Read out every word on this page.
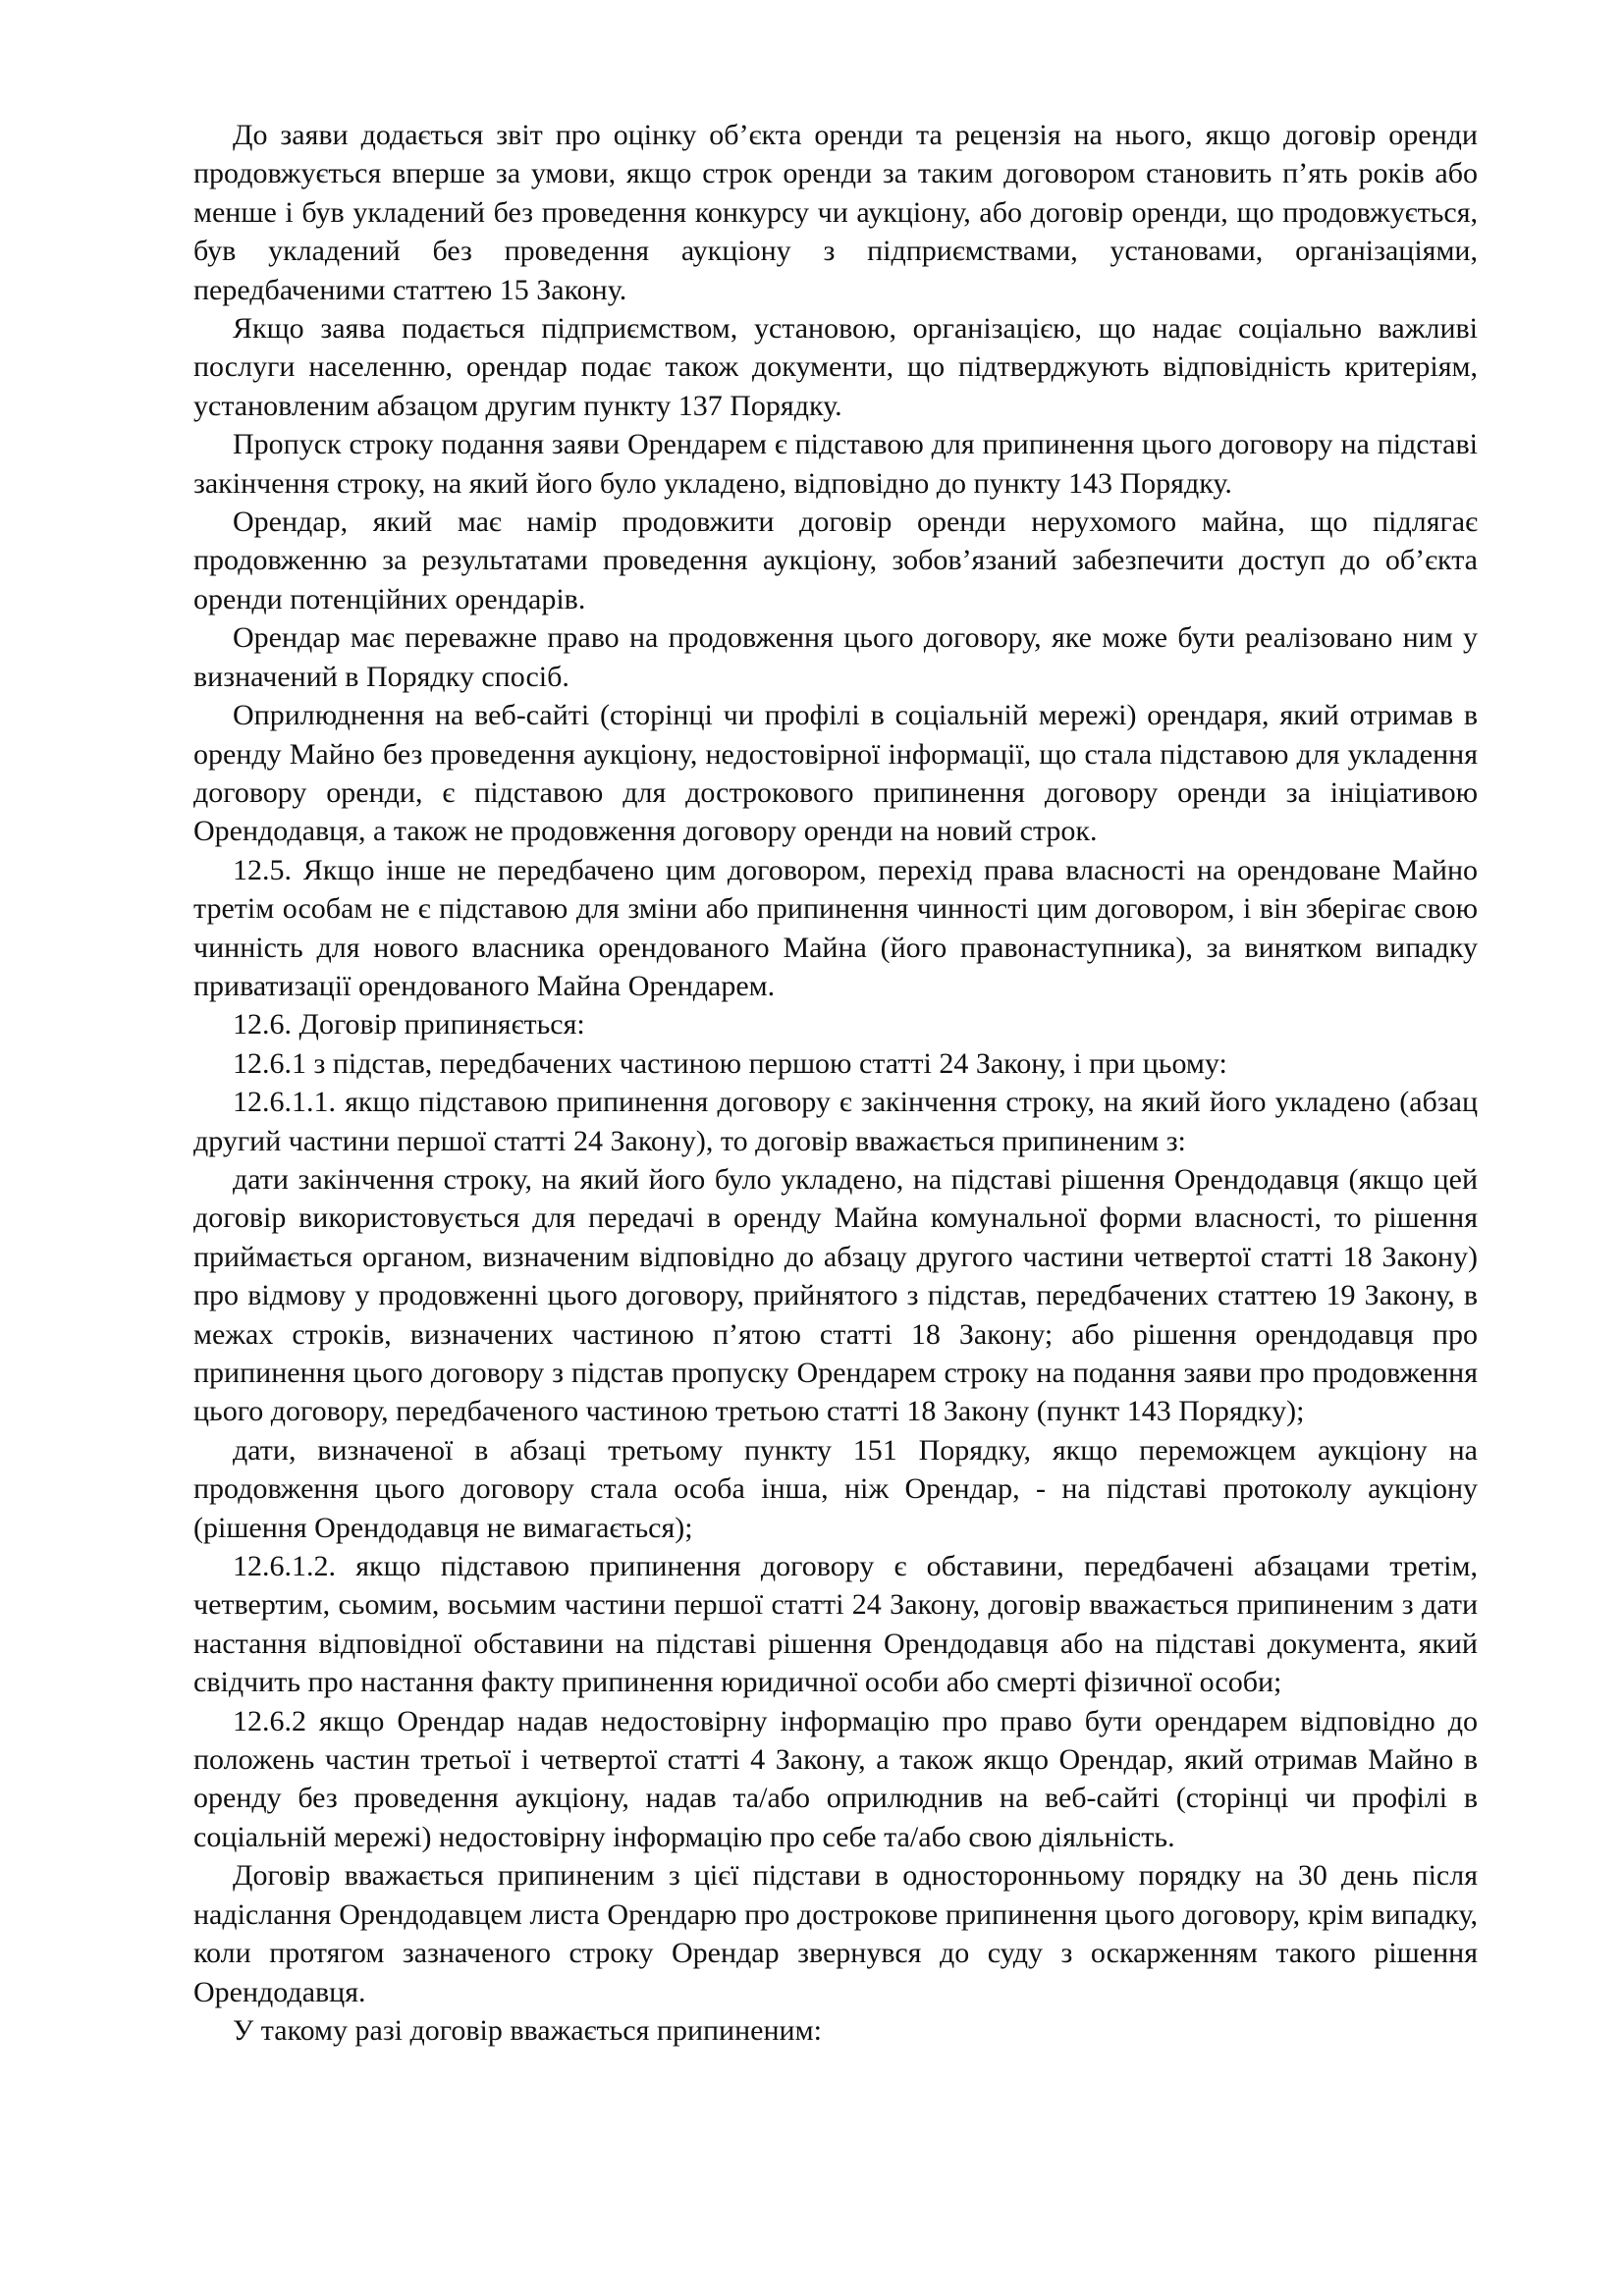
До заяви додається звіт про оцінку об’єкта оренди та рецензія на нього, якщо договір оренди продовжується вперше за умови, якщо строк оренди за таким договором становить п’ять років або менше і був укладений без проведення конкурсу чи аукціону, або договір оренди, що продовжується, був укладений без проведення аукціону з підприємствами, установами, організаціями, передбаченими статтею 15 Закону.

Якщо заява подається підприємством, установою, організацією, що надає соціально важливі послуги населенню, орендар подає також документи, що підтверджують відповідність критеріям, установленим абзацом другим пункту 137 Порядку.

Пропуск строку подання заяви Орендарем є підставою для припинення цього договору на підставі закінчення строку, на який його було укладено, відповідно до пункту 143 Порядку.

Орендар, який має намір продовжити договір оренди нерухомого майна, що підлягає продовженню за результатами проведення аукціону, зобов’язаний забезпечити доступ до об’єкта оренди потенційних орендарів.

Орендар має переважне право на продовження цього договору, яке може бути реалізовано ним у визначений в Порядку спосіб.

Оприлюднення на веб-сайті (сторінці чи профілі в соціальній мережі) орендаря, який отримав в оренду Майно без проведення аукціону, недостовірної інформації, що стала підставою для укладення договору оренди, є підставою для дострокового припинення договору оренди за ініціативою Орендодавця, а також не продовження договору оренди на новий строк.

12.5. Якщо інше не передбачено цим договором, перехід права власності на орендоване Майно третім особам не є підставою для зміни або припинення чинності цим договором, і він зберігає свою чинність для нового власника орендованого Майна (його правонаступника), за винятком випадку приватизації орендованого Майна Орендарем.

12.6. Договір припиняється:

12.6.1 з підстав, передбачених частиною першою статті 24 Закону, і при цьому:

12.6.1.1. якщо підставою припинення договору є закінчення строку, на який його укладено (абзац другий частини першої статті 24 Закону), то договір вважається припиненим з:

дати закінчення строку, на який його було укладено, на підставі рішення Орендодавця (якщо цей договір використовується для передачі в оренду Майна комунальної форми власності, то рішення приймається органом, визначеним відповідно до абзацу другого частини четвертої статті 18 Закону) про відмову у продовженні цього договору, прийнятого з підстав, передбачених статтею 19 Закону, в межах строків, визначених частиною п’ятою статті 18 Закону; або рішення орендодавця про припинення цього договору з підстав пропуску Орендарем строку на подання заяви про продовження цього договору, передбаченого частиною третьою статті 18 Закону (пункт 143 Порядку);

дати, визначеної в абзаці третьому пункту 151 Порядку, якщо переможцем аукціону на продовження цього договору стала особа інша, ніж Орендар, - на підставі протоколу аукціону (рішення Орендодавця не вимагається);

12.6.1.2. якщо підставою припинення договору є обставини, передбачені абзацами третім, четвертим, сьомим, восьмим частини першої статті 24 Закону, договір вважається припиненим з дати настання відповідної обставини на підставі рішення Орендодавця або на підставі документа, який свідчить про настання факту припинення юридичної особи або смерті фізичної особи;

12.6.2 якщо Орендар надав недостовірну інформацію про право бути орендарем відповідно до положень частин третьої і четвертої статті 4 Закону, а також якщо Орендар, який отримав Майно в оренду без проведення аукціону, надав та/або оприлюднив на веб-сайті (сторінці чи профілі в соціальній мережі) недостовірну інформацію про себе та/або свою діяльність.

Договір вважається припиненим з цієї підстави в односторонньому порядку на 30 день після надіслання Орендодавцем листа Орендарю про дострокове припинення цього договору, крім випадку, коли протягом зазначеного строку Орендар звернувся до суду з оскарженням такого рішення Орендодавця.

У такому разі договір вважається припиненим:
